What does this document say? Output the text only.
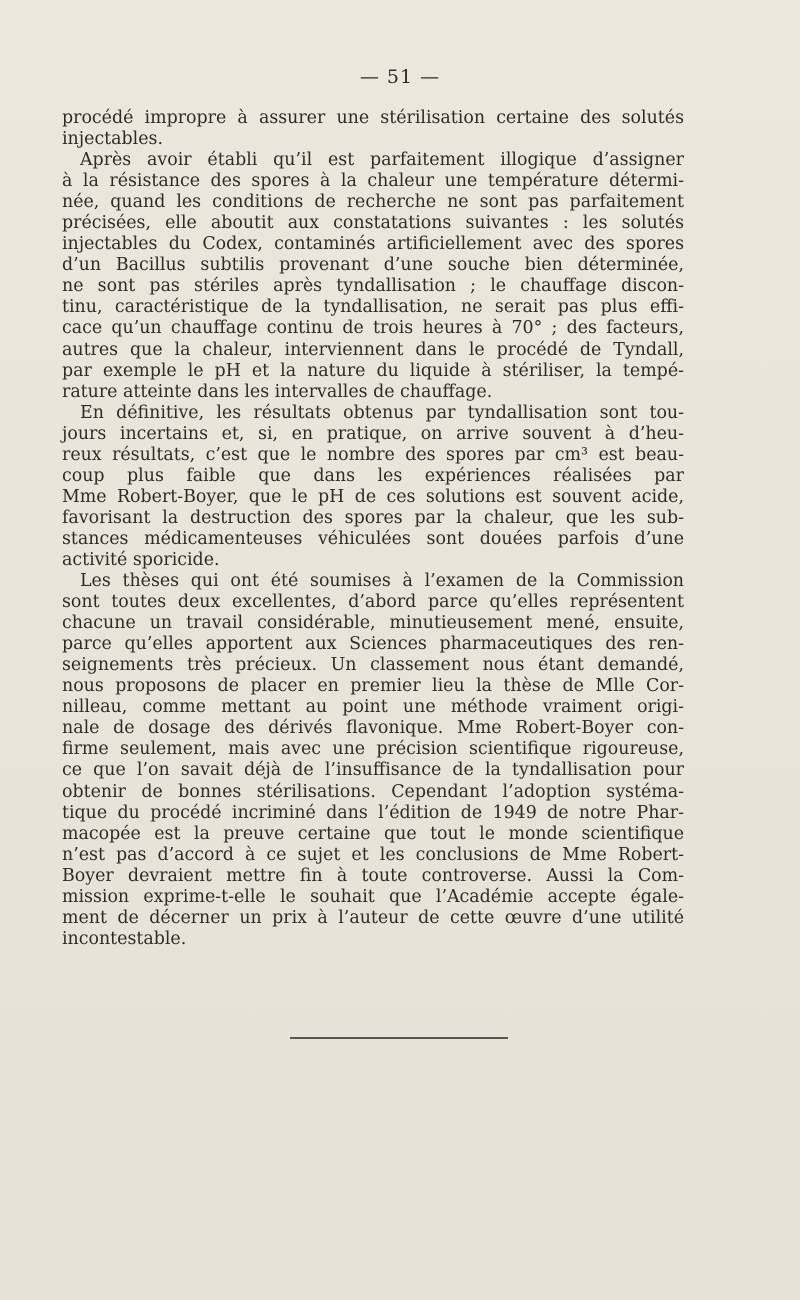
— 51 —
procédé impropre à assurer une stérilisation certaine des solutés
injectables.
Après avoir établi qu’il est parfaitement illogique d’assigner
à la résistance des spores à la chaleur une température détermi-
née, quand les conditions de recherche ne sont pas parfaitement
précisées, elle aboutit aux constatations suivantes : les solutés
injectables du Codex, contaminés artificiellement avec des spores
d’un Bacillus subtilis provenant d’une souche bien déterminée,
ne sont pas stériles après tyndallisation ; le chauffage discon-
tinu, caractéristique de la tyndallisation, ne serait pas plus effi-
cace qu’un chauffage continu de trois heures à 70° ; des facteurs,
autres que la chaleur, interviennent dans le procédé de Tyndall,
par exemple le pH et la nature du liquide à stériliser, la tempé-
rature atteinte dans les intervalles de chauffage.
En définitive, les résultats obtenus par tyndallisation sont tou-
jours incertains et, si, en pratique, on arrive souvent à d’heu-
reux résultats, c’est que le nombre des spores par cm³ est beau-
coup plus faible que dans les expériences réalisées par
Mme Robert-Boyer, que le pH de ces solutions est souvent acide,
favorisant la destruction des spores par la chaleur, que les sub-
stances médicamenteuses véhiculées sont douées parfois d’une
activité sporicide.
Les thèses qui ont été soumises à l’examen de la Commission
sont toutes deux excellentes, d’abord parce qu’elles représentent
chacune un travail considérable, minutieusement mené, ensuite,
parce qu’elles apportent aux Sciences pharmaceutiques des ren-
seignements très précieux. Un classement nous étant demandé,
nous proposons de placer en premier lieu la thèse de Mlle Cor-
nilleau, comme mettant au point une méthode vraiment origi-
nale de dosage des dérivés flavonique. Mme Robert-Boyer con-
firme seulement, mais avec une précision scientifique rigoureuse,
ce que l’on savait déjà de l’insuffisance de la tyndallisation pour
obtenir de bonnes stérilisations. Cependant l’adoption systéma-
tique du procédé incriminé dans l’édition de 1949 de notre Phar-
macopée est la preuve certaine que tout le monde scientifique
n’est pas d’accord à ce sujet et les conclusions de Mme Robert-
Boyer devraient mettre fin à toute controverse. Aussi la Com-
mission exprime-t-elle le souhait que l’Académie accepte égale-
ment de décerner un prix à l’auteur de cette œuvre d’une utilité
incontestable.
